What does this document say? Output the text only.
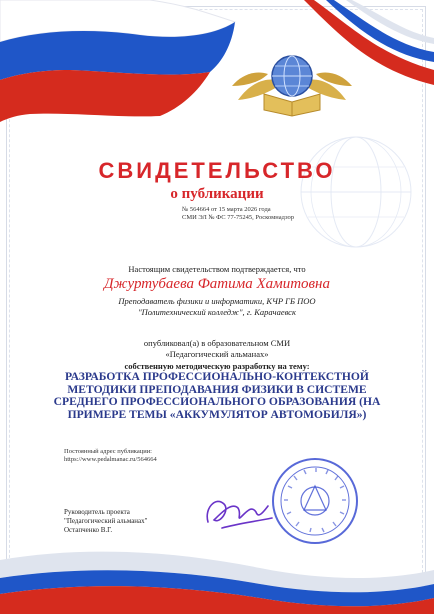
СВИДЕТЕЛЬСТВО
о публикации
№ 564664 от 15 марта 2026 года
СМИ ЭЛ № ФС 77-75245, Роскомнадзор
Настоящим свидетельством подтверждается, что
Джуртубаева Фатима Хамитовна
Преподаватель физики и информатики, КЧР ГБ ПОО
"Политехнический колледж", г. Карачаевск
опубликовал(а) в образовательном СМИ
«Педагогический альманах»
собственную методическую разработку на тему:
РАЗРАБОТКА ПРОФЕССИОНАЛЬНО-КОНТЕКСТНОЙ МЕТОДИКИ ПРЕПОДАВАНИЯ ФИЗИКИ В СИСТЕМЕ СРЕДНЕГО ПРОФЕССИОНАЛЬНОГО ОБРАЗОВАНИЯ (НА ПРИМЕРЕ ТЕМЫ «АККУМУЛЯТОР АВТОМОБИЛЯ»)
Постоянный адрес публикации:
https://www.pedalmanac.ru/564664
Руководитель проекта
"Педагогический альманах"
Остапченко В.Г.
